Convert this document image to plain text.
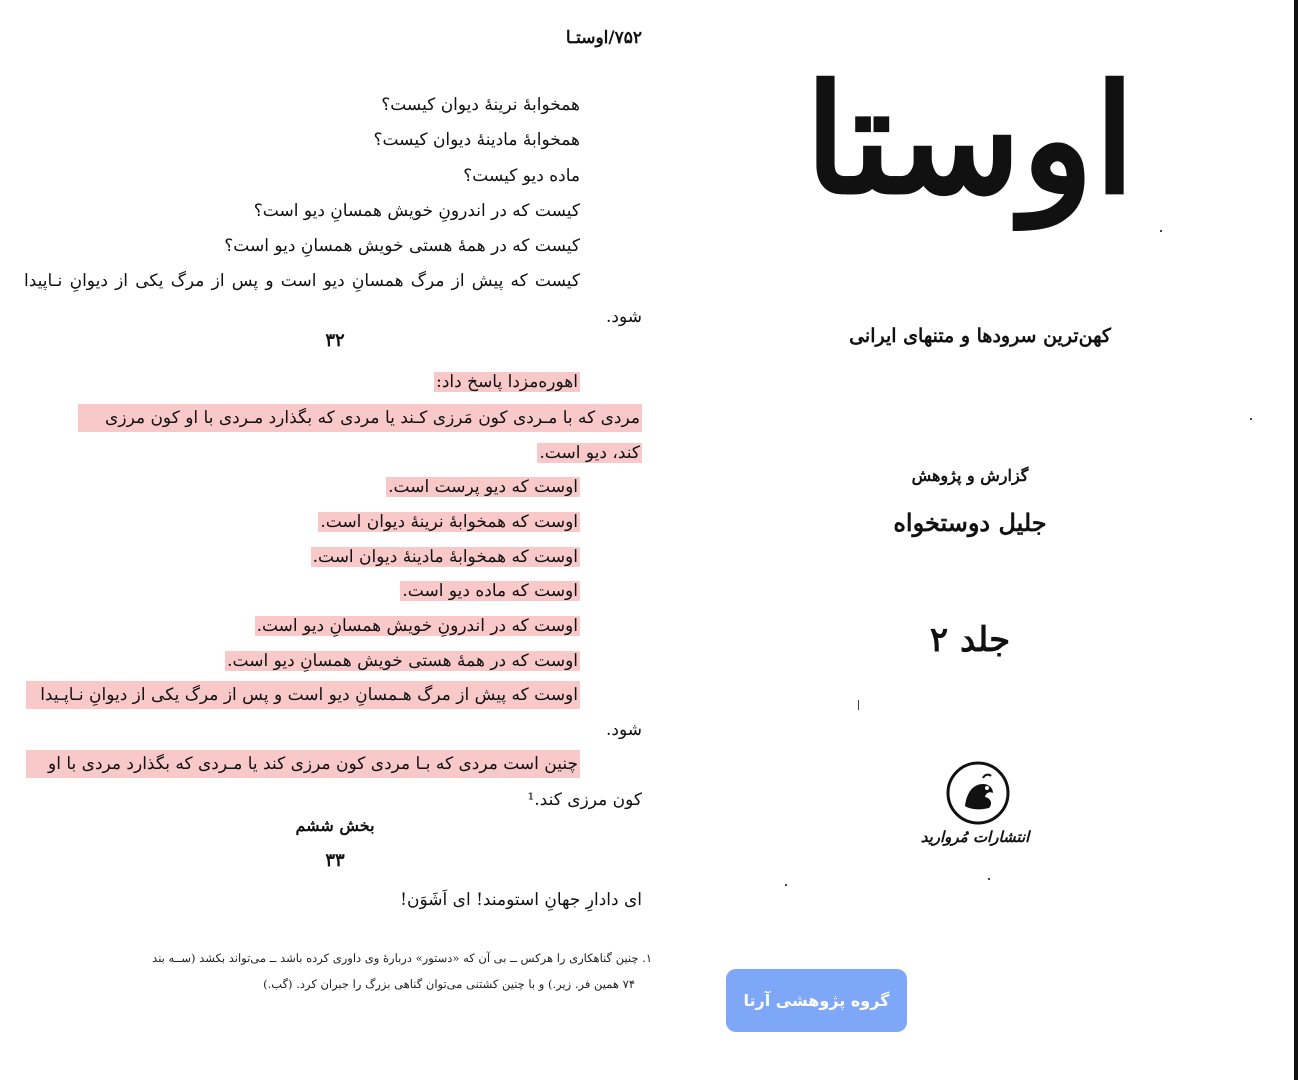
۷۵۲/اوستـا
همخوابهٔ نرینهٔ دیوان کیست؟
همخوابهٔ مادینهٔ دیوان کیست؟
ماده دیو کیست؟
کیست که در اندرونِ خویش همسانِ دیو است؟
کیست که در همهٔ هستی خویش همسانِ دیو است؟
کیست که پیش از مرگ همسانِ دیو است و پس از مرگ یکی از دیوانِ نـاپیدا
شود.
۳۲
اهوره‌مزدا پاسخ داد:
مردی که با مـردی کون مَرزی کـند یا مردی که بگذارد مـردی با او کون مرزی
کند، دیو است.
اوست که دیو پرست است.
اوست که همخوابهٔ نرینهٔ دیوان است.
اوست که همخوابهٔ مادینهٔ دیوان است.
اوست که ماده دیو است.
اوست که در اندرونِ خویش همسانِ دیو است.
اوست که در همهٔ هستی خویش همسانِ دیو است.
اوست که پیش از مرگ هـمسانِ دیو است و پس از مرگ یکی از دیوانِ نـاپـیدا
شود.
چنین است مردی که بـا مردی کون مرزی کند یا مـردی که بگذارد مردی با او
کون مرزی کند.¹
بخش ششم
۳۳
ای دادارِ جهانِ استومند! ای اَشَوَن!
۱. چنین گناهکاری را هرکس ــ بی آن که «دستور» دربارهٔ وی داوری کرده باشد ــ می‌تواند بکشد (ســه بند
۷۴ همین فر. زیر.) و با چنین کشتنی می‌توان گناهی بزرگ را جبران کرد. (گب.)
اوستا
کهن‌ترین سرودها و متنهای ایرانی
گزارش و پژوهش
جلیل دوستخواه
جلد ۲
انتشارات مُروارید
گروه پژوهشی آرتا
